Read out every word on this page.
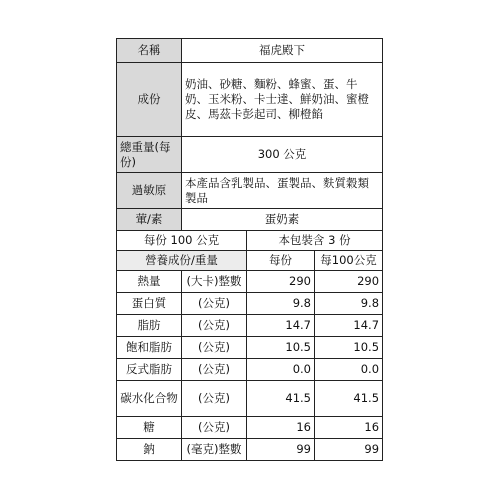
名稱	福虎殿下		
成份	奶油、砂糖、麵粉、蜂蜜、蛋、牛奶、玉米粉、卡士達、鮮奶油、蜜橙皮、馬茲卡彭起司、柳橙餡		
總重量(每份)	300 公克		
過敏原	本產品含乳製品、蛋製品、麩質穀類製品		
葷/素	蛋奶素		
每份 100 公克		本包裝含 3 份	
營養成份/重量		每份	每100公克
熱量	(大卡)整數	290	290
蛋白質	(公克)	9.8	9.8
脂肪	(公克)	14.7	14.7
飽和脂肪	(公克)	10.5	10.5
反式脂肪	(公克)	0.0	0.0
碳水化合物	(公克)	41.5	41.5
糖	(公克)	16	16
鈉	(毫克)整數	99	99
